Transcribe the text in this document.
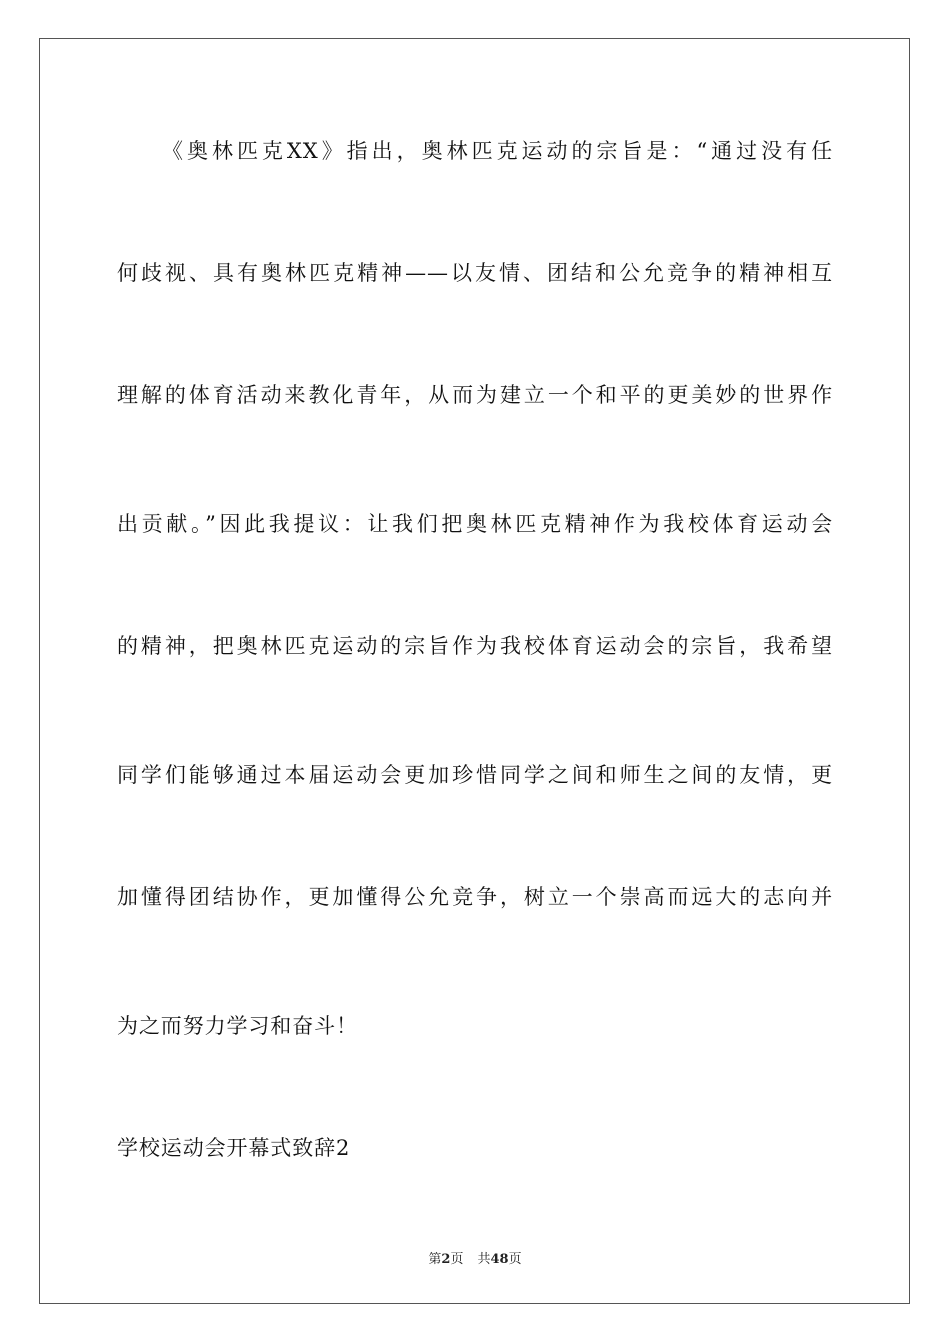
《奥林匹克XX》指出，奥林匹克运动的宗旨是：“通过没有任
何歧视、具有奥林匹克精神——以友情、团结和公允竞争的精神相互
理解的体育活动来教化青年，从而为建立一个和平的更美妙的世界作
出贡献。”因此我提议：让我们把奥林匹克精神作为我校体育运动会
的精神，把奥林匹克运动的宗旨作为我校体育运动会的宗旨，我希望
同学们能够通过本届运动会更加珍惜同学之间和师生之间的友情，更
加懂得团结协作，更加懂得公允竞争，树立一个崇高而远大的志向并
为之而努力学习和奋斗！
学校运动会开幕式致辞2
第2页 共48页
